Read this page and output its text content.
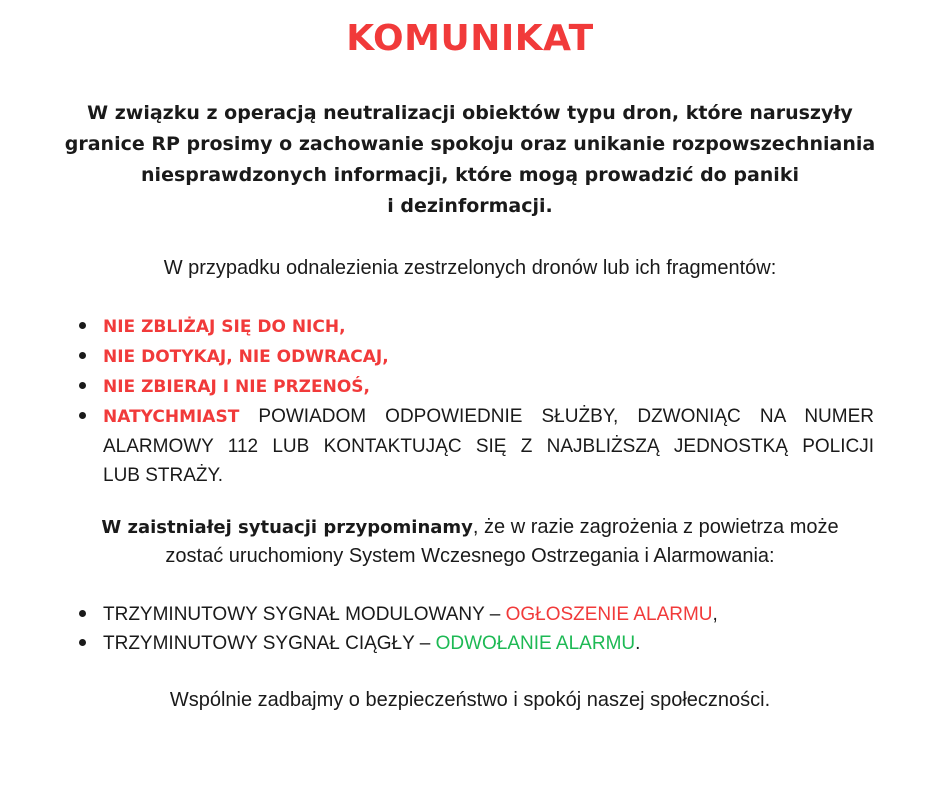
KOMUNIKAT

W związku z operacją neutralizacji obiektów typu dron, które naruszyły
granice RP prosimy o zachowanie spokoju oraz unikanie rozpowszechniania
niesprawdzonych informacji, które mogą prowadzić do paniki
i dezinformacji.

W przypadku odnalezienia zestrzelonych dronów lub ich fragmentów:

NIE ZBLIŻAJ SIĘ DO NICH,
NIE DOTYKAJ, NIE ODWRACAJ,
NIE ZBIERAJ I NIE PRZENOŚ,
NATYCHMIAST POWIADOM ODPOWIEDNIE SŁUŻBY, DZWONIĄC NA NUMER
ALARMOWY 112 LUB KONTAKTUJĄC SIĘ Z NAJBLIŻSZĄ JEDNOSTKĄ POLICJI
LUB STRAŻY.

W zaistniałej sytuacji przypominamy, że w razie zagrożenia z powietrza może
zostać uruchomiony System Wczesnego Ostrzegania i Alarmowania:

TRZYMINUTOWY SYGNAŁ MODULOWANY – OGŁOSZENIE ALARMU,
TRZYMINUTOWY SYGNAŁ CIĄGŁY – ODWOŁANIE ALARMU.

Wspólnie zadbajmy o bezpieczeństwo i spokój naszej społeczności.
